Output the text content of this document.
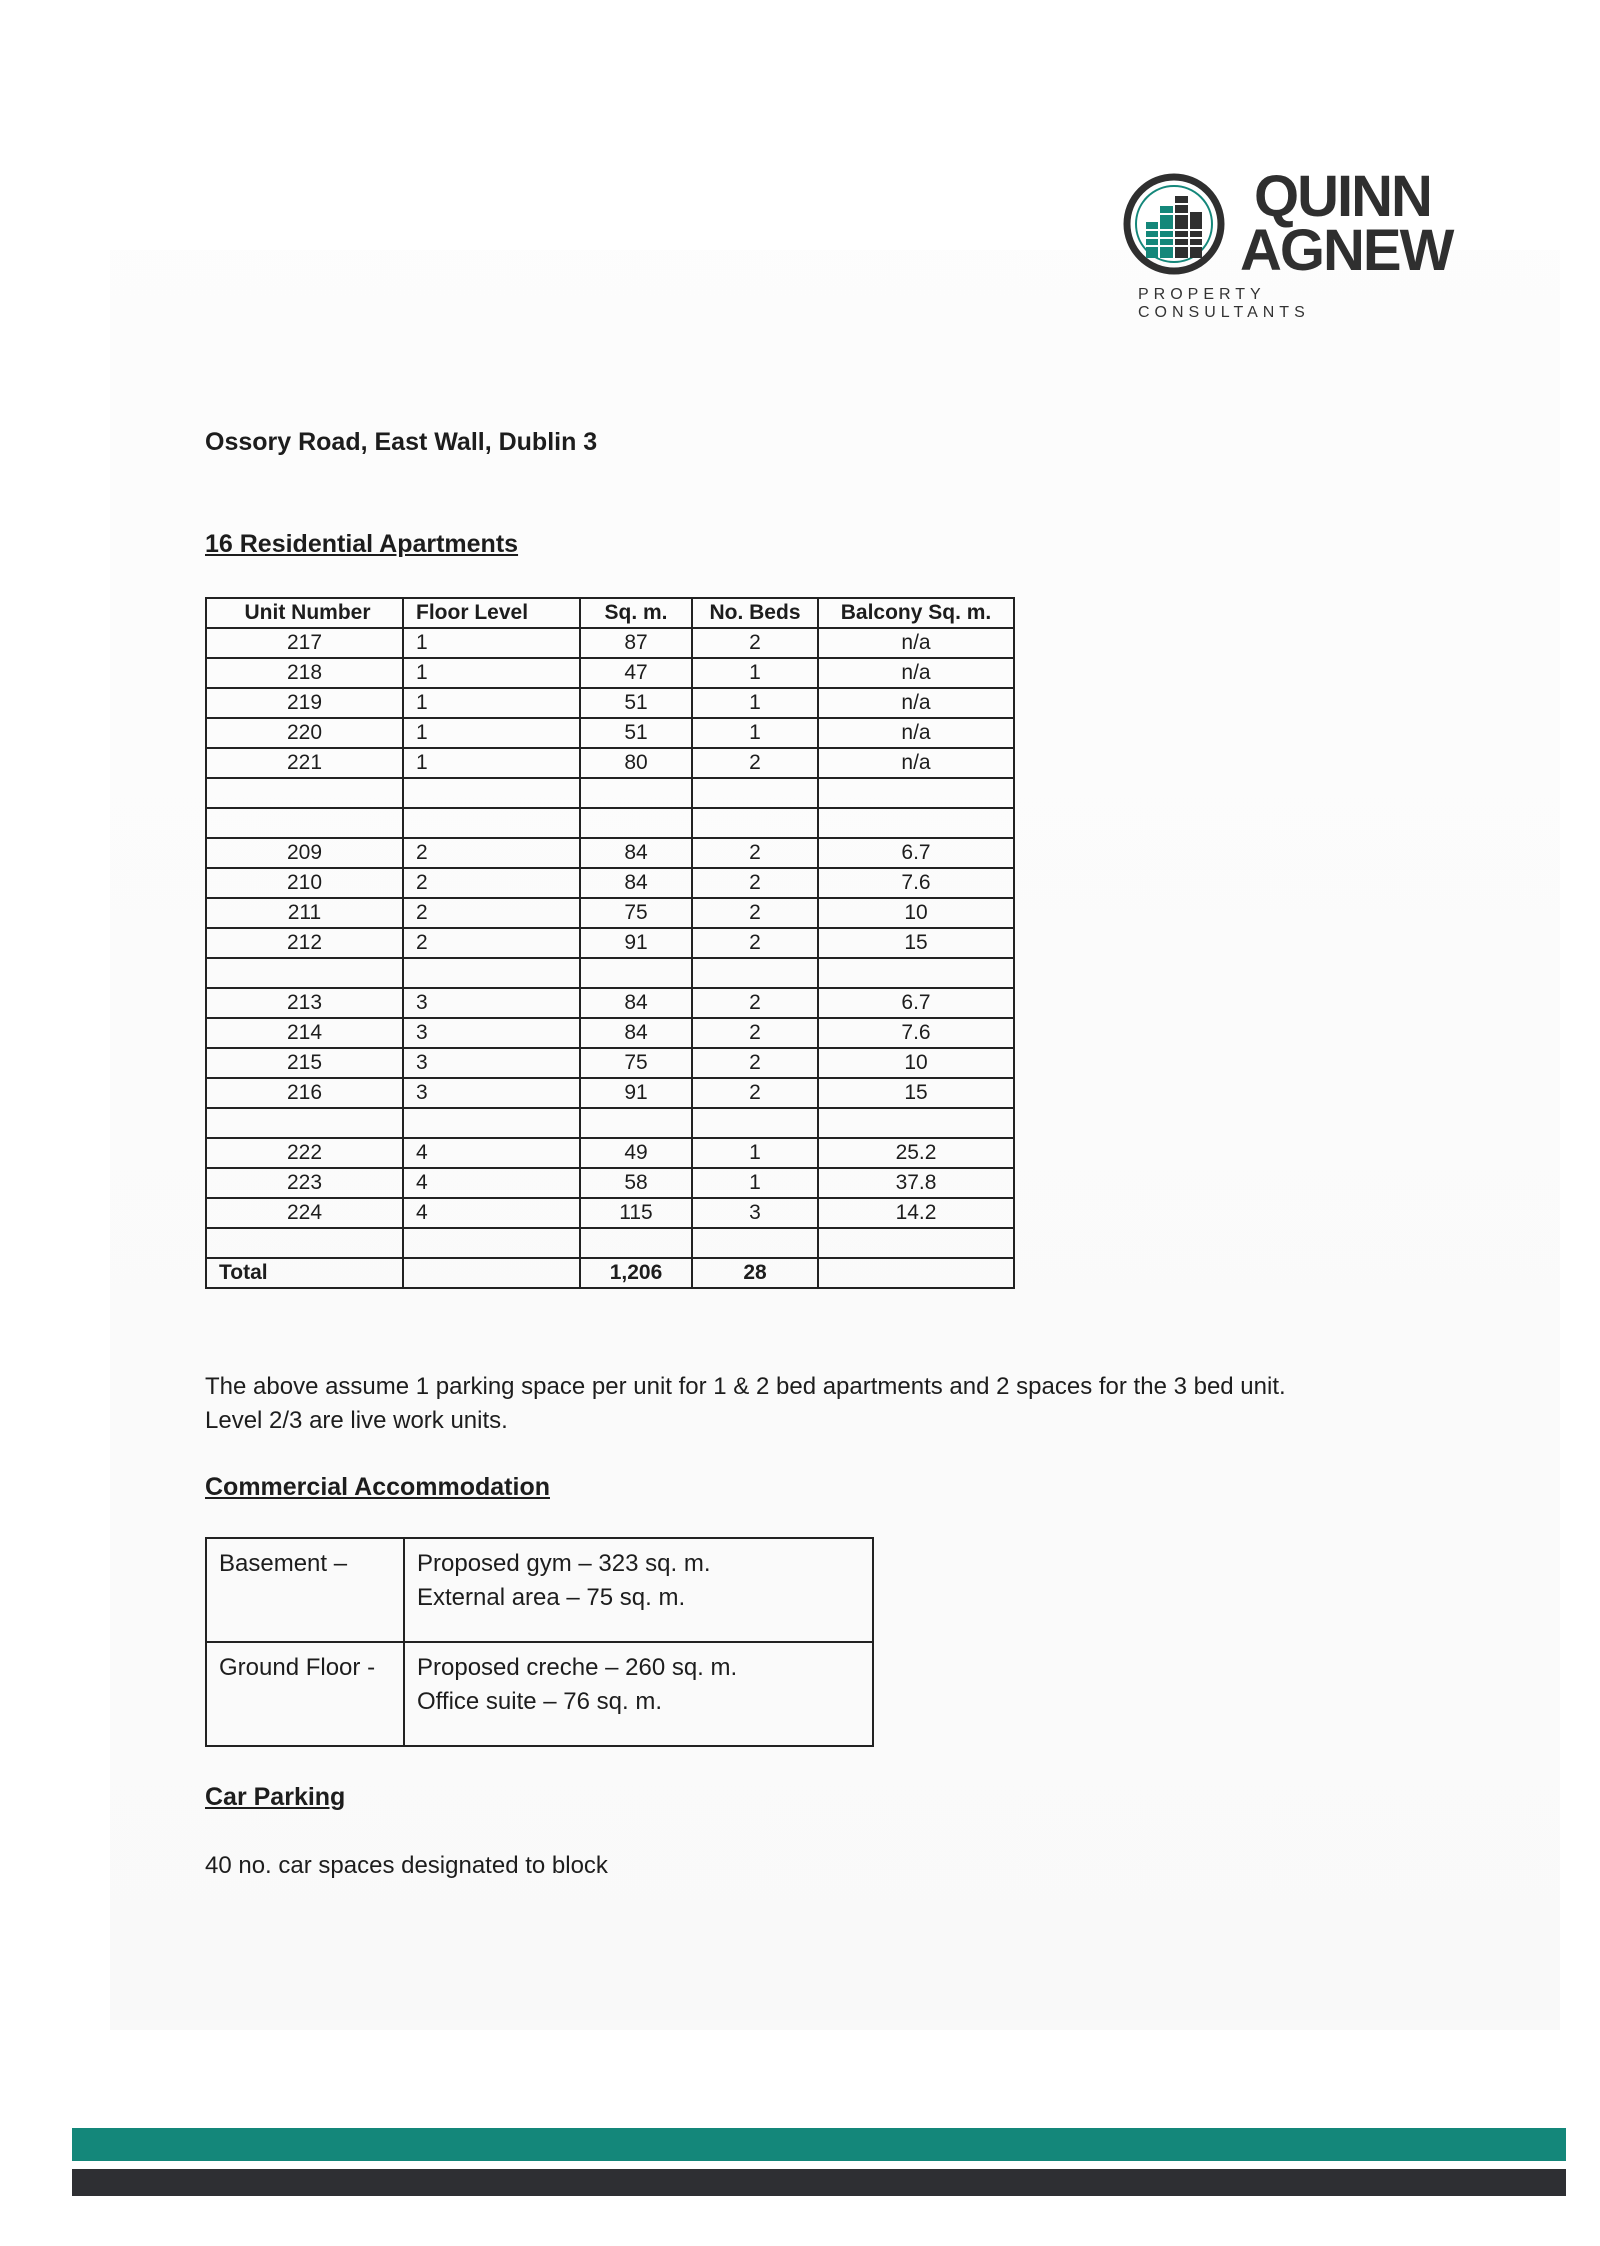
QUINN
AGNEW
PROPERTY CONSULTANTS
Ossory Road, East Wall, Dublin 3
16 Residential Apartments
Unit Number	Floor Level	Sq. m.	No. Beds	Balcony Sq. m.
217	1	87	2	n/a
218	1	47	1	n/a
219	1	51	1	n/a
220	1	51	1	n/a
221	1	80	2	n/a

209	2	84	2	6.7
210	2	84	2	7.6
211	2	75	2	10
212	2	91	2	15

213	3	84	2	6.7
214	3	84	2	7.6
215	3	75	2	10
216	3	91	2	15

222	4	49	1	25.2
223	4	58	1	37.8
224	4	115	3	14.2

Total		1,206	28	
The above assume 1 parking space per unit for 1 & 2 bed apartments and 2 spaces for the 3 bed unit.
Level 2/3 are live work units.
Commercial Accommodation
Basement –	Proposed gym – 323 sq. m.
External area – 75 sq. m.

Ground Floor -	Proposed creche – 260 sq. m.
Office suite – 76 sq. m.
Car Parking
40 no. car spaces designated to block
